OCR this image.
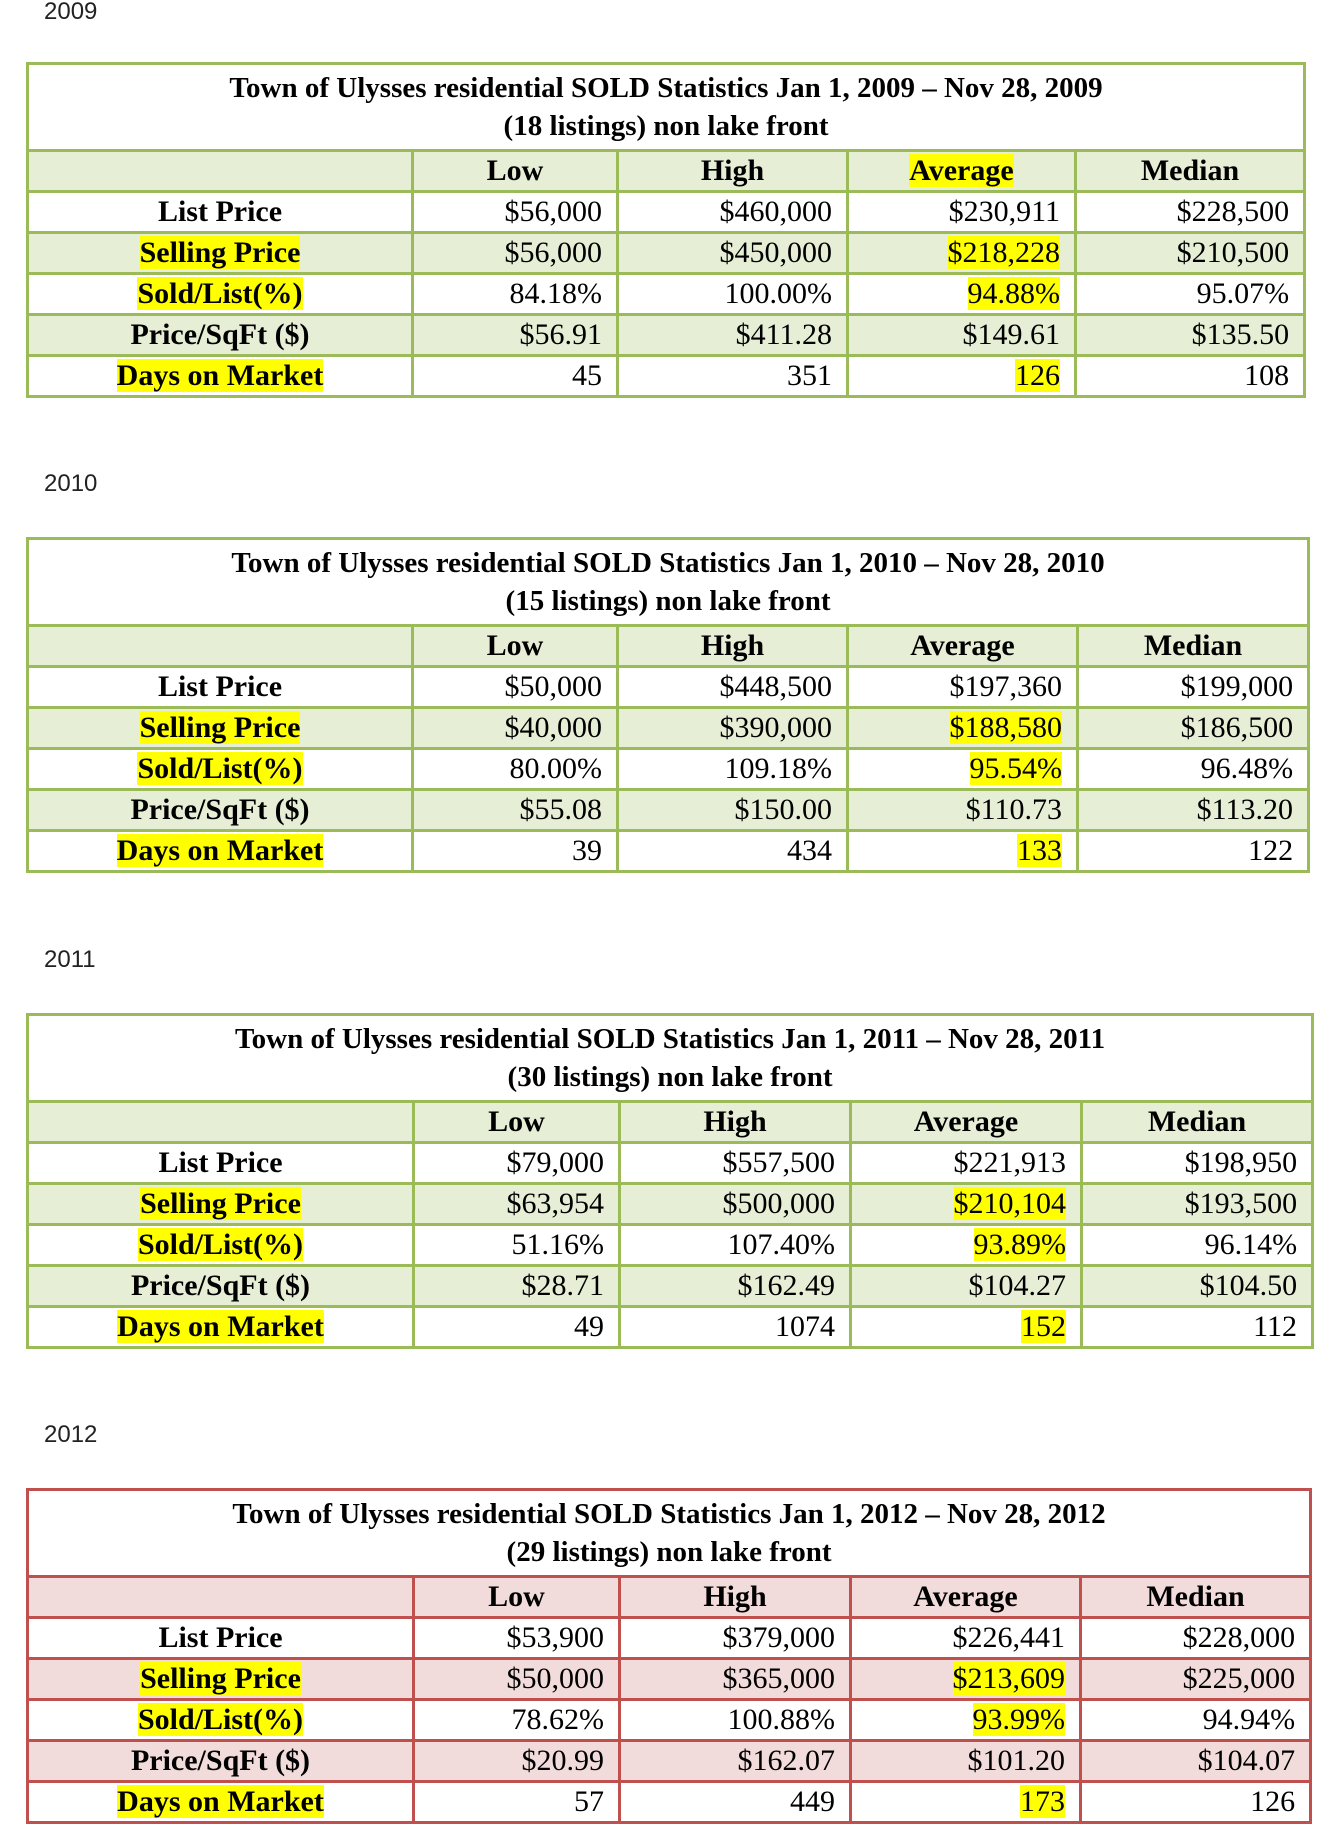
2009
Town of Ulysses residential SOLD Statistics Jan 1, 2009 – Nov 28, 2009
(18 listings) non lake front				
	Low	High	Average	Median
List Price	$56,000	$460,000	$230,911	$228,500
Selling Price	$56,000	$450,000	$218,228	$210,500
Sold/List(%)	84.18%	100.00%	94.88%	95.07%
Price/SqFt ($)	$56.91	$411.28	$149.61	$135.50
Days on Market	45	351	126	108
2010
Town of Ulysses residential SOLD Statistics Jan 1, 2010 – Nov 28, 2010
(15 listings) non lake front				
	Low	High	Average	Median
List Price	$50,000	$448,500	$197,360	$199,000
Selling Price	$40,000	$390,000	$188,580	$186,500
Sold/List(%)	80.00%	109.18%	95.54%	96.48%
Price/SqFt ($)	$55.08	$150.00	$110.73	$113.20
Days on Market	39	434	133	122
2011
Town of Ulysses residential SOLD Statistics Jan 1, 2011 – Nov 28, 2011
(30 listings) non lake front				
	Low	High	Average	Median
List Price	$79,000	$557,500	$221,913	$198,950
Selling Price	$63,954	$500,000	$210,104	$193,500
Sold/List(%)	51.16%	107.40%	93.89%	96.14%
Price/SqFt ($)	$28.71	$162.49	$104.27	$104.50
Days on Market	49	1074	152	112
2012
Town of Ulysses residential SOLD Statistics Jan 1, 2012 – Nov 28, 2012
(29 listings) non lake front				
	Low	High	Average	Median
List Price	$53,900	$379,000	$226,441	$228,000
Selling Price	$50,000	$365,000	$213,609	$225,000
Sold/List(%)	78.62%	100.88%	93.99%	94.94%
Price/SqFt ($)	$20.99	$162.07	$101.20	$104.07
Days on Market	57	449	173	126
